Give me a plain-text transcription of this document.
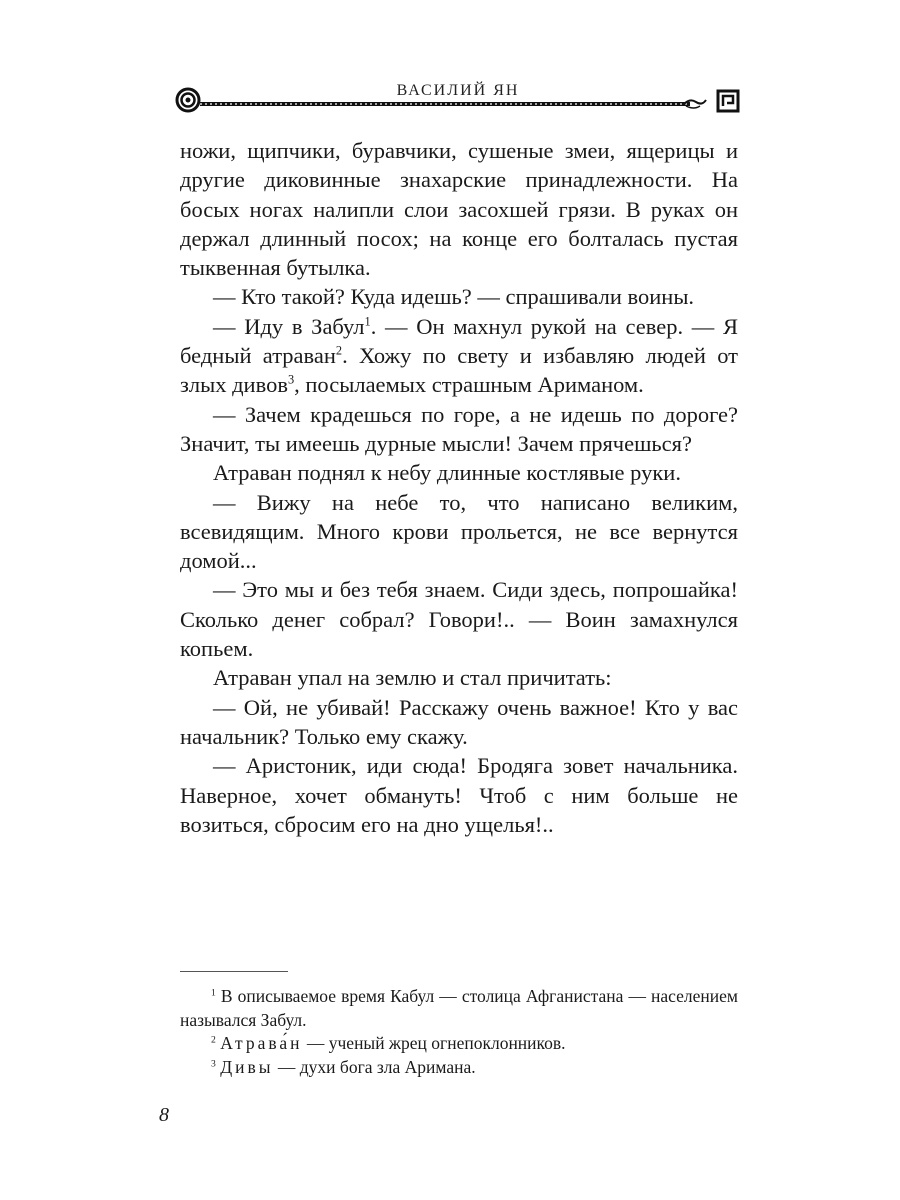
ВАСИЛИЙ ЯН

ножи, щипчики, буравчики, сушеные змеи, ящерицы и другие диковинные знахарские принадлежности. На босых ногах налипли слои засохшей грязи. В руках он держал длинный посох; на конце его болталась пустая тыквенная бутылка.

— Кто такой? Куда идешь? — спрашивали воины.

— Иду в Забул$^1$. — Он махнул рукой на север. — Я бедный атраван$^2$. Хожу по свету и избавляю людей от злых дивов$^3$, посылаемых страшным Ариманом.

— Зачем крадешься по горе, а не идешь по дороге? Значит, ты имеешь дурные мысли! Зачем прячешься?

Атраван поднял к небу длинные костлявые руки.

— Вижу на небе то, что написано великим, всевидящим. Много крови прольется, не все вернутся домой...

— Это мы и без тебя знаем. Сиди здесь, попрошайка! Сколько денег собрал? Говори!.. — Воин замахнулся копьем.

Атраван упал на землю и стал причитать:

— Ой, не убивай! Расскажу очень важное! Кто у вас начальник? Только ему скажу.

— Аристоник, иди сюда! Бродяга зовет начальника. Наверное, хочет обмануть! Чтоб с ним больше не возиться, сбросим его на дно ущелья!..

$^1$ В описываемое время Кабул — столица Афганистана — населением назывался Забул.

$^2$ Атрава́н — ученый жрец огнепоклонников.

$^3$ Дивы — духи бога зла Аримана.

8
